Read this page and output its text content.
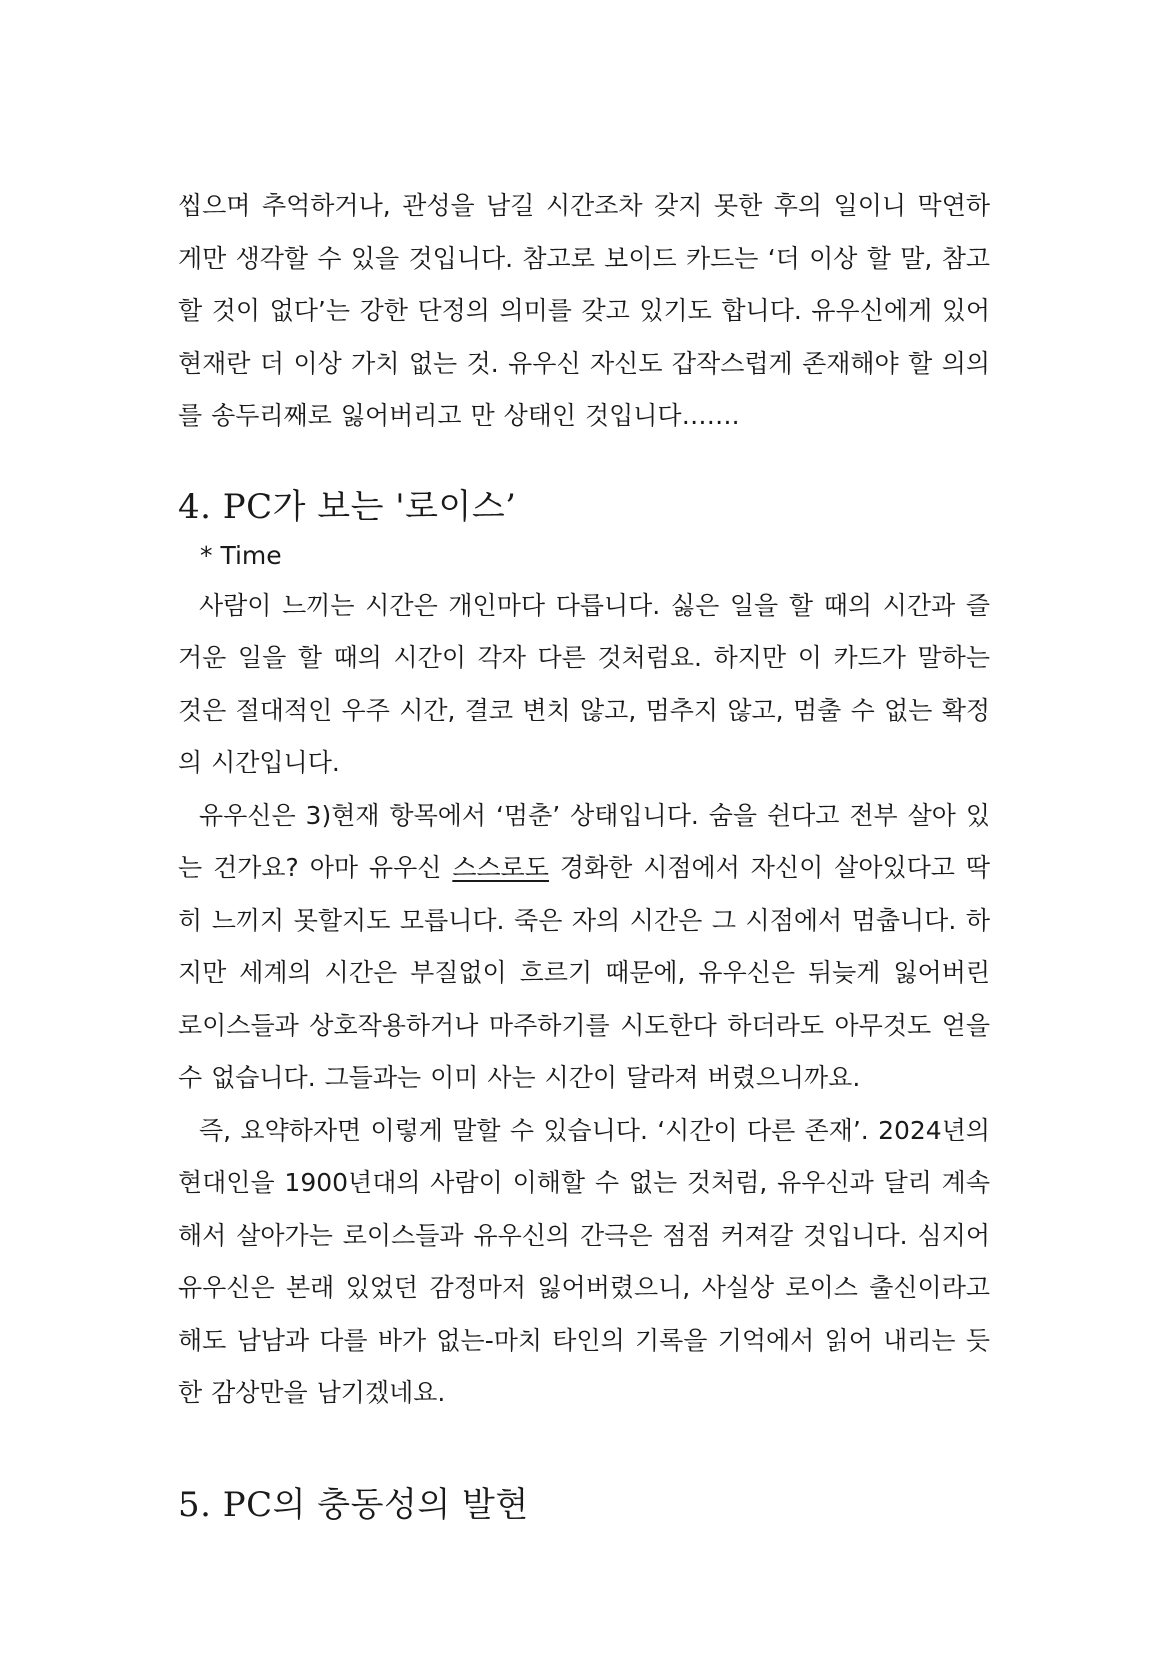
씹으며 추억하거나, 관성을 남길 시간조차 갖지 못한 후의 일이니 막연하게만 생각할 수 있을 것입니다. 참고로 보이드 카드는 ‘더 이상 할 말, 참고할 것이 없다’는 강한 단정의 의미를 갖고 있기도 합니다. 유우신에게 있어 현재란 더 이상 가치 없는 것. 유우신 자신도 갑작스럽게 존재해야 할 의의를 송두리째로 잃어버리고 만 상태인 것입니다…….

4. PC가 보는 '로이스’
* Time

사람이 느끼는 시간은 개인마다 다릅니다. 싫은 일을 할 때의 시간과 즐거운 일을 할 때의 시간이 각자 다른 것처럼요. 하지만 이 카드가 말하는 것은 절대적인 우주 시간, 결코 변치 않고, 멈추지 않고, 멈출 수 없는 확정의 시간입니다.

유우신은 3)현재 항목에서 ‘멈춘’ 상태입니다. 숨을 쉰다고 전부 살아 있는 건가요? 아마 유우신 스스로도 경화한 시점에서 자신이 살아있다고 딱히 느끼지 못할지도 모릅니다. 죽은 자의 시간은 그 시점에서 멈춥니다. 하지만 세계의 시간은 부질없이 흐르기 때문에, 유우신은 뒤늦게 잃어버린 로이스들과 상호작용하거나 마주하기를 시도한다 하더라도 아무것도 얻을 수 없습니다. 그들과는 이미 사는 시간이 달라져 버렸으니까요.

즉, 요약하자면 이렇게 말할 수 있습니다. ‘시간이 다른 존재’. 2024년의 현대인을 1900년대의 사람이 이해할 수 없는 것처럼, 유우신과 달리 계속해서 살아가는 로이스들과 유우신의 간극은 점점 커져갈 것입니다. 심지어 유우신은 본래 있었던 감정마저 잃어버렸으니, 사실상 로이스 출신이라고 해도 남남과 다를 바가 없는-마치 타인의 기록을 기억에서 읽어 내리는 듯한 감상만을 남기겠네요.

5. PC의 충동성의 발현
